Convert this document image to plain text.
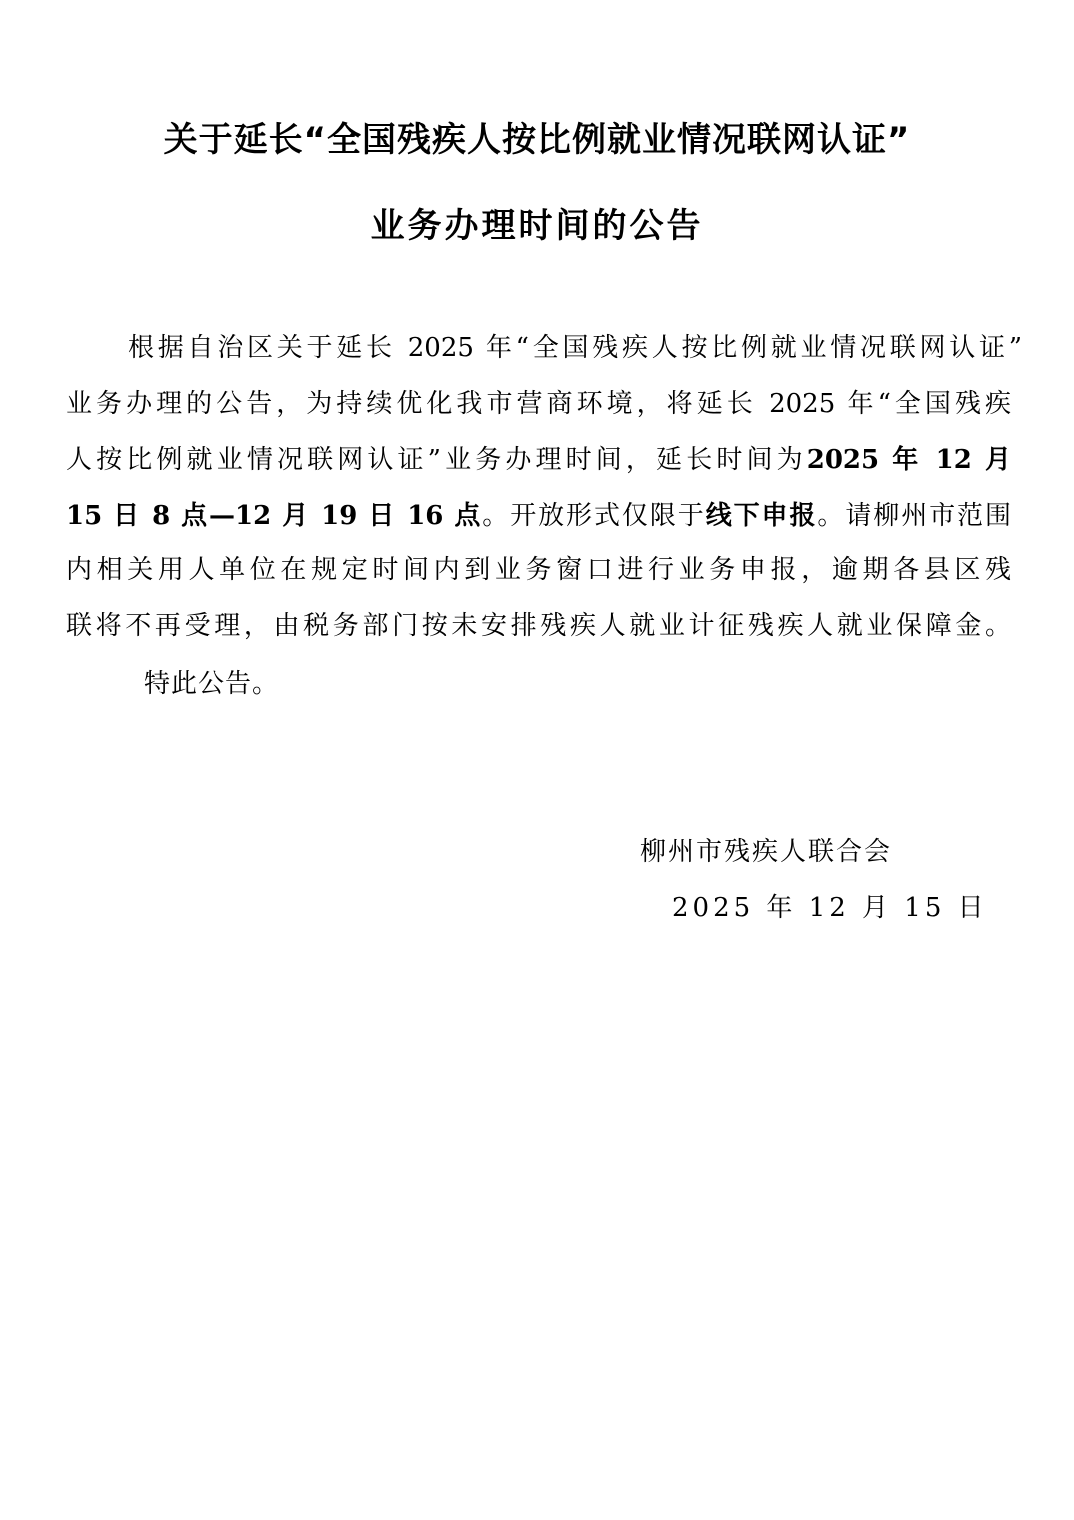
关于延长“全国残疾人按比例就业情况联网认证”
业务办理时间的公告
根据自治区关于延长 2025 年“全国残疾人按比例就业情况联网认证”
业务办理的公告，为持续优化我市营商环境，将延长 2025 年“全国残疾
人按比例就业情况联网认证”业务办理时间，延长时间为2025 年 12 月
15 日 8 点—12 月 19 日 16 点。开放形式仅限于线下申报。请柳州市范围
内相关用人单位在规定时间内到业务窗口进行业务申报，逾期各县区残
联将不再受理，由税务部门按未安排残疾人就业计征残疾人就业保障金。
特此公告。
柳州市残疾人联合会
2025 年 12 月 15 日
